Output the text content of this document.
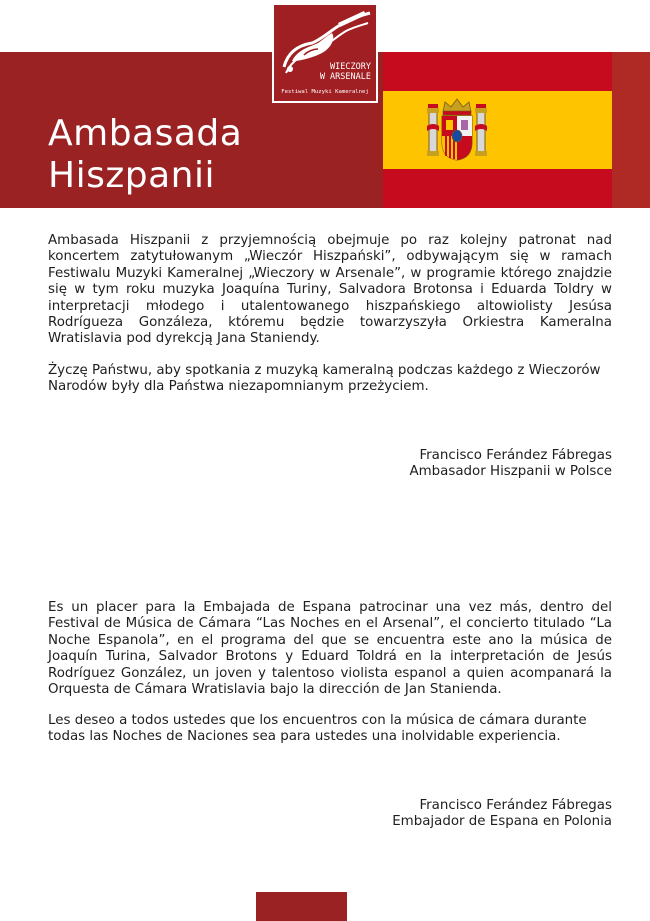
Ambasada
Hiszpanii
WIECZORY
W ARSENALE
Festiwal Muzyki Kameralnej

Ambasada Hiszpanii z przyjemnością obejmuje po raz kolejny patronat nad koncertem zatytułowanym „Wieczór Hiszpański”, odbywającym się w ramach Festiwalu Muzyki Kameralnej „Wieczory w Arsenale”, w programie którego znajdzie się w tym roku muzyka Joaquína Turiny, Salvadora Brotonsa i Eduarda Toldry w interpretacji młodego i utalentowanego hiszpańskiego altowiolisty Jesúsa Rodrígueza Gonzáleza, któremu będzie towarzyszyła Orkiestra Kameralna Wratislavia pod dyrekcją Jana Staniendy.

Życzę Państwu, aby spotkania z muzyką kameralną podczas każdego z Wieczorów Narodów były dla Państwa niezapomnianym przeżyciem.

Francisco Ferández Fábregas
Ambasador Hiszpanii w Polsce

Es un placer para la Embajada de Espana patrocinar una vez más, dentro del Festival de Música de Cámara “Las Noches en el Arsenal”, el concierto titulado “La Noche Espanola”, en el programa del que se encuentra este ano la música de Joaquín Turina, Salvador Brotons y Eduard Toldrá en la interpretación de Jesús Rodríguez González, un joven y talentoso violista espanol a quien acompanará la Orquesta de Cámara Wratislavia bajo la dirección de Jan Stanienda.

Les deseo a todos ustedes que los encuentros con la música de cámara durante todas las Noches de Naciones sea para ustedes una inolvidable experiencia.

Francisco Ferández Fábregas
Embajador de Espana en Polonia
